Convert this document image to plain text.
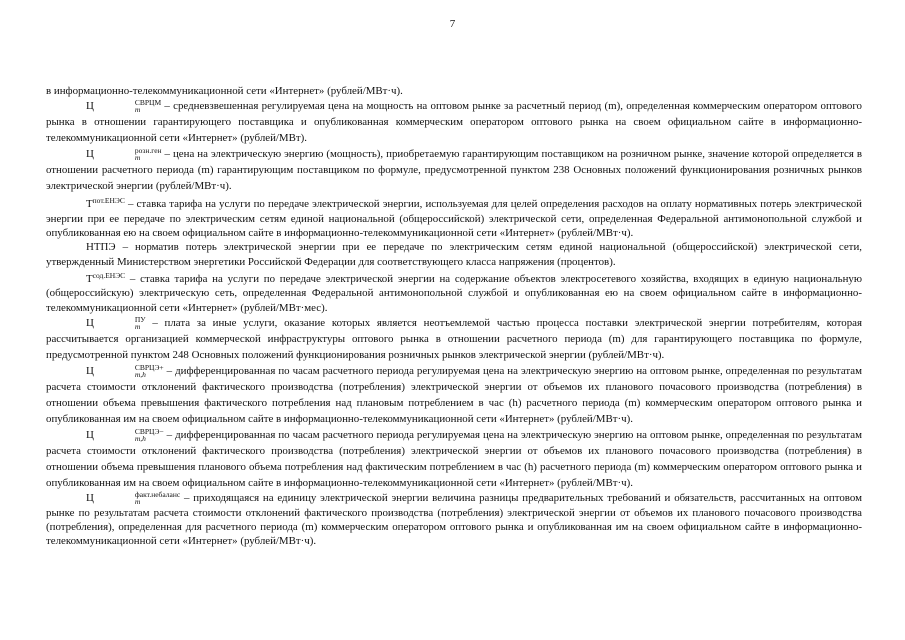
7

в информационно-телекоммуникационной сети «Интернет» (рублей/МВт·ч).

Ц	СВРЦМ
m	– средневзвешенная регулируемая цена на мощность на оптовом рынке за расчетный период (m), определенная коммерческим оператором оптового рынка в отношении гарантирующего поставщика и опубликованная коммерческим оператором оптового рынка на своем официальном сайте в информационно-телекоммуникационной сети «Интернет» (рублей/МВт).

Ц	розн.ген
m	– цена на электрическую энергию (мощность), приобретаемую гарантирующим поставщиком на розничном рынке, значение которой определяется в отношении расчетного периода (m) гарантирующим поставщиком по формуле, предусмотренной пунктом 238 Основных положений функционирования розничных рынков электрической энергии (рублей/МВт·ч).

$Т^{пот.ЕНЭС}$ – ставка тарифа на услуги по передаче электрической энергии, используемая для целей определения расходов на оплату нормативных потерь электрической энергии при ее передаче по электрическим сетям единой национальной (общероссийской) электрической сети, определенная Федеральной антимонопольной службой и опубликованная ею на своем официальном сайте в информационно-телекоммуникационной сети «Интернет» (рублей/МВт·ч).

НТПЭ – норматив потерь электрической энергии при ее передаче по электрическим сетям единой национальной (общероссийской) электрической сети, утвержденный Министерством энергетики Российской Федерации для соответствующего класса напряжения (процентов).

$Т^{сод.ЕНЭС}$ – ставка тарифа на услуги по передаче электрической энергии на содержание объектов электросетевого хозяйства, входящих в единую национальную (общероссийскую) электрическую сеть, определенная Федеральной антимонопольной службой и опубликованная ею на своем официальном сайте в информационно-телекоммуникационной сети «Интернет» (рублей/МВт·мес).

Ц	ПУ
m – плата за иные услуги, оказание которых является неотъемлемой частью процесса поставки электрической энергии потребителям, которая рассчитывается организацией коммерческой инфраструктуры оптового рынка в отношении расчетного периода (m) для гарантирующего поставщика по формуле, предусмотренной пунктом 248 Основных положений функционирования розничных рынков электрической энергии (рублей/МВт·ч).

Ц	СВРЦЭ+
m,h	– дифференцированная по часам расчетного периода регулируемая цена на электрическую энергию на оптовом рынке, определенная по результатам расчета стоимости отклонений фактического производства (потребления) электрической энергии от объемов их планового почасового производства (потребления) в отношении объема превышения фактического потребления над плановым потреблением в час (h) расчетного периода (m) коммерческим оператором оптового рынка и опубликованная им на своем официальном сайте в информационно-телекоммуникационной сети «Интернет» (рублей/МВт·ч).

Ц	СВРЦЭ−
m,h	– дифференцированная по часам расчетного периода регулируемая цена на электрическую энергию на оптовом рынке, определенная по результатам расчета стоимости отклонений фактического производства (потребления) электрической энергии от объемов их планового почасового производства (потребления) в отношении объема превышения планового объема потребления над фактическим потреблением в час (h) расчетного периода (m) коммерческим оператором оптового рынка и опубликованная им на своем официальном сайте в информационно-телекоммуникационной сети «Интернет» (рублей/МВт·ч).

Ц	факт.небаланс
m	– приходящаяся на единицу электрической энергии величина разницы предварительных требований и обязательств, рассчитанных на оптовом рынке по результатам расчета стоимости отклонений фактического производства (потребления) электрической энергии от объемов их планового почасового производства (потребления), определенная для расчетного периода (m) коммерческим оператором оптового рынка и опубликованная им на своем официальном сайте в информационно-телекоммуникационной сети «Интернет» (рублей/МВт·ч).
